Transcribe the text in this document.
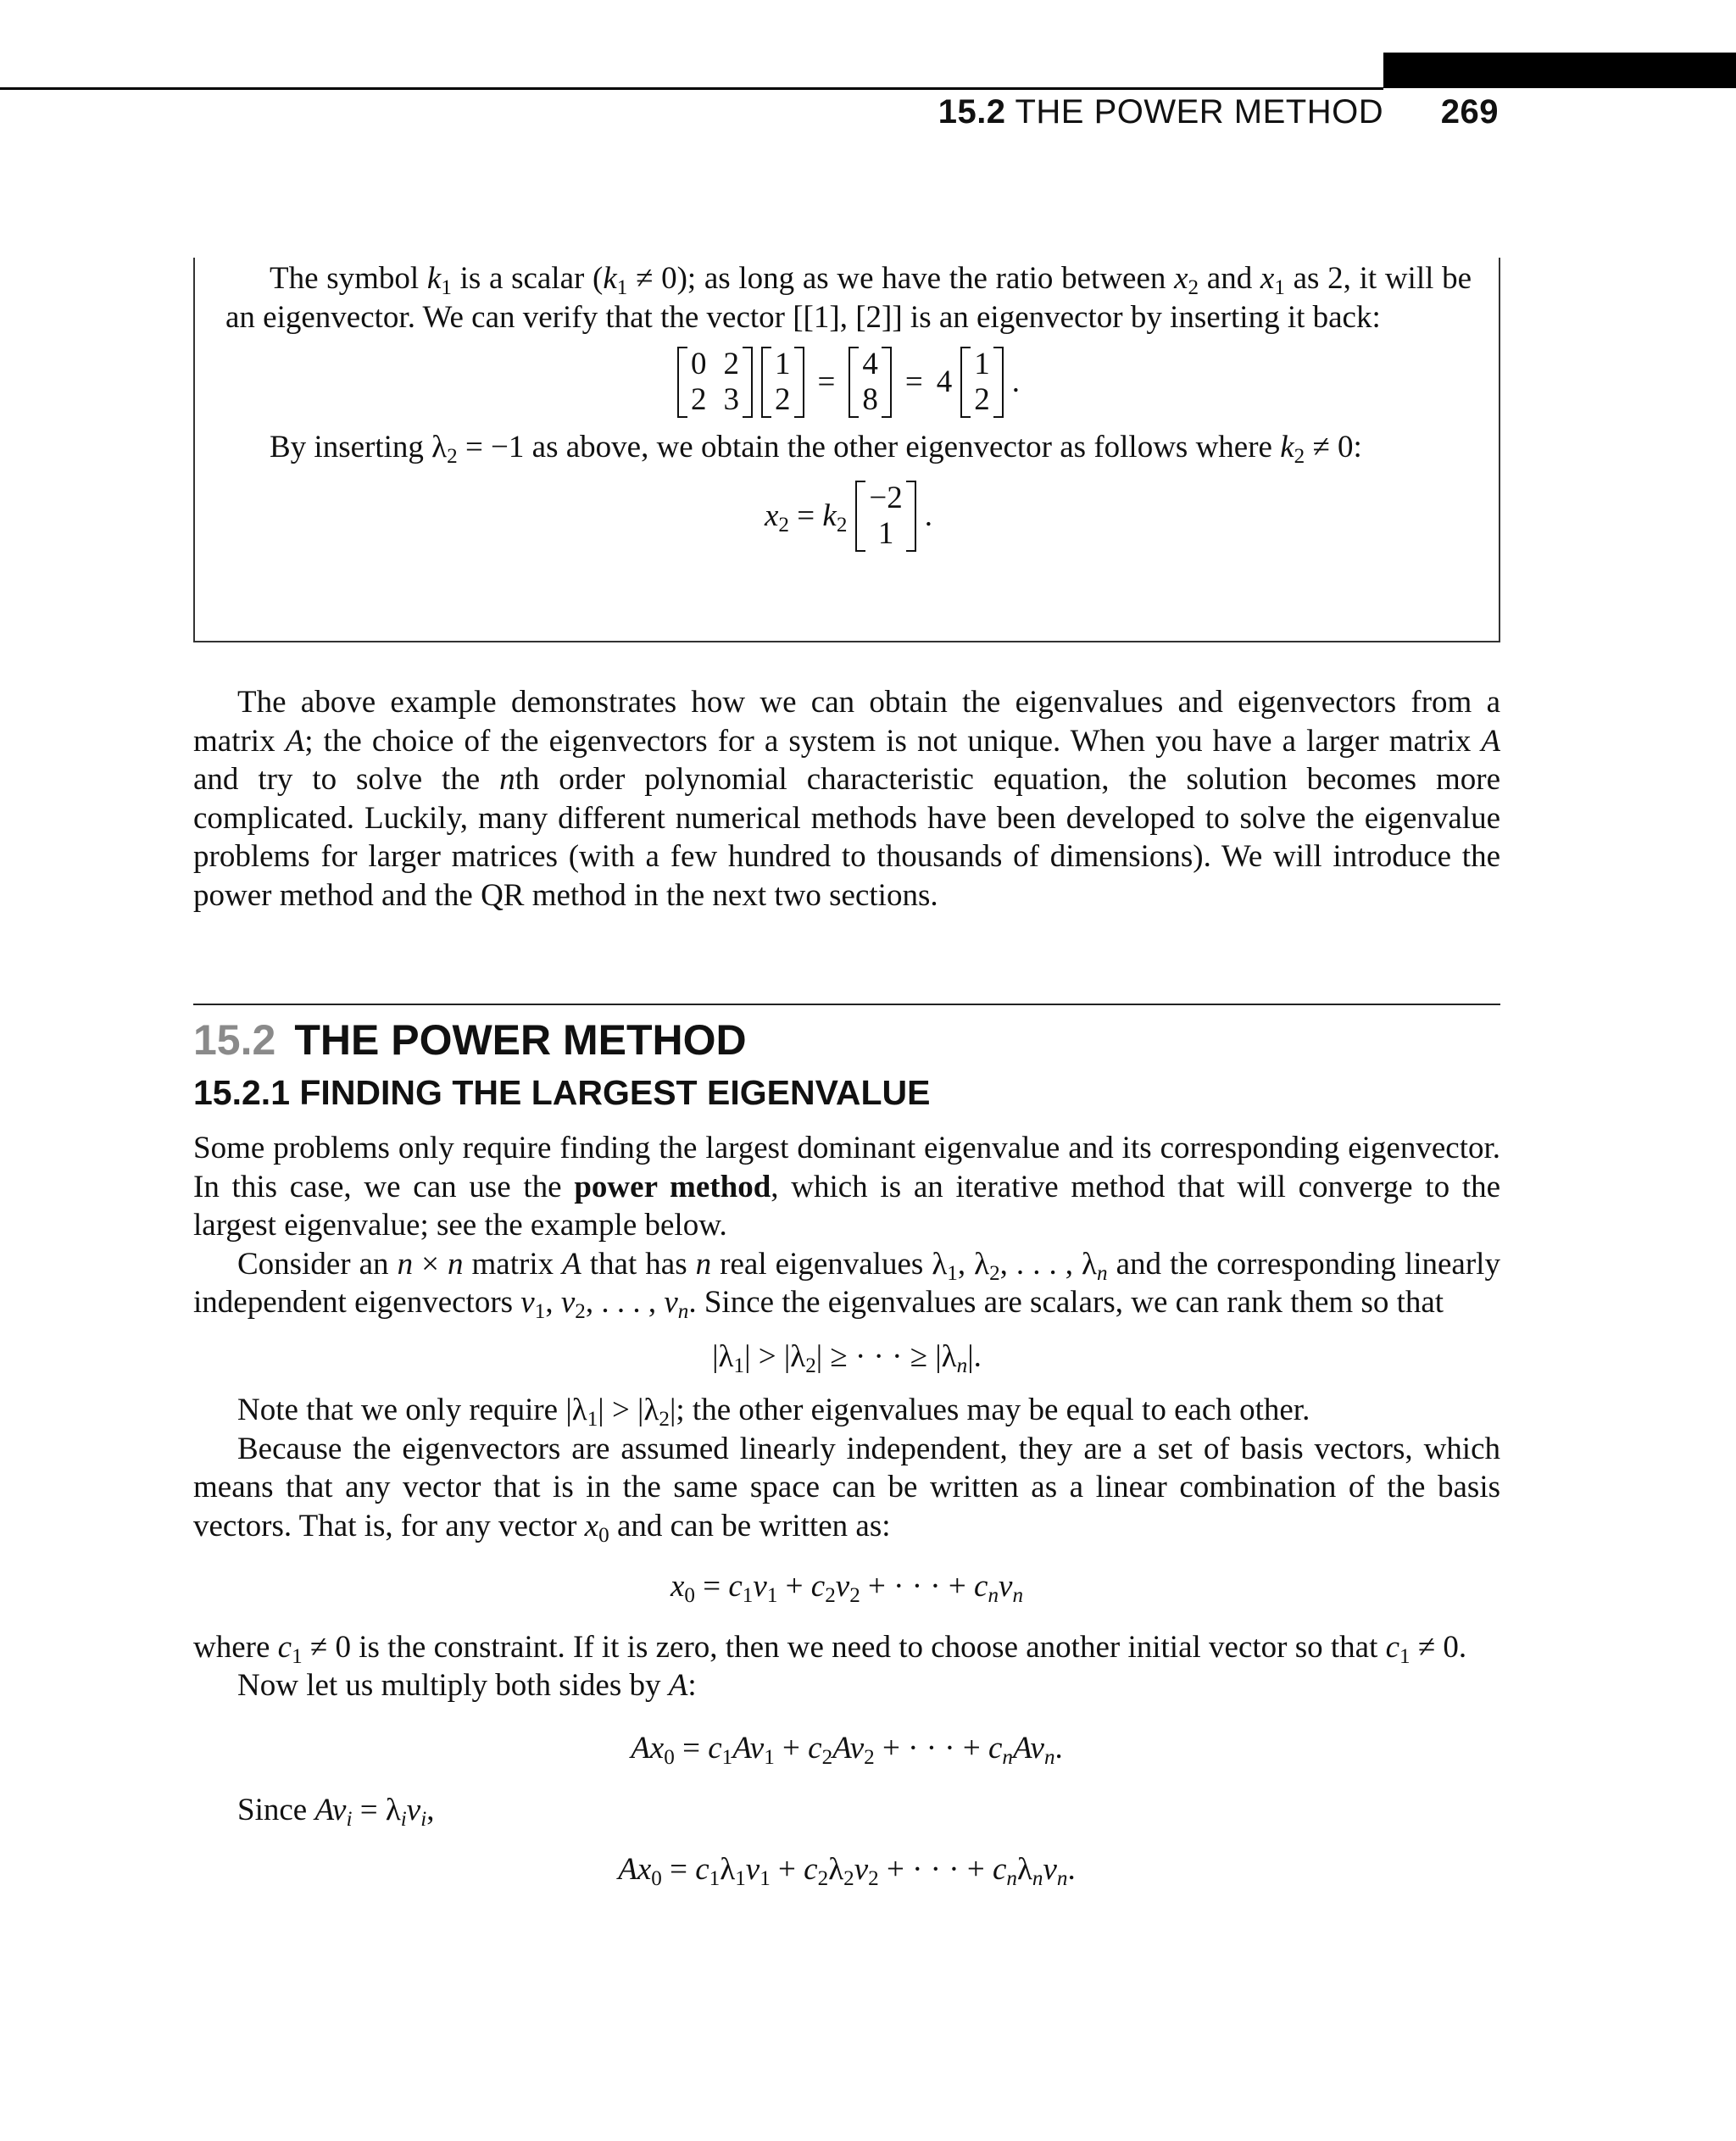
15.2 THE POWER METHOD 269

The symbol $k_1$ is a scalar $(k_1 \ne 0)$; as long as we have the ratio between $x_2$ and $x_1$ as 2, it will be an eigenvector. We can verify that the vector [[1], [2]] is an eigenvector by inserting it back:

0 2
2 3
1
2
=
4
8
= 4
1
2
.

By inserting $\lambda_2 = -1$ as above, we obtain the other eigenvector as follows where $k_2 \ne 0$:

$x_2 = k_2$
−2
1
.

The above example demonstrates how we can obtain the eigenvalues and eigenvectors from a matrix A; the choice of the eigenvectors for a system is not unique. When you have a larger matrix A and try to solve the nth order polynomial characteristic equation, the solution becomes more complicated. Luckily, many different numerical methods have been developed to solve the eigenvalue problems for larger matrices (with a few hundred to thousands of dimensions). We will introduce the power method and the QR method in the next two sections.

15.2 THE POWER METHOD
15.2.1 FINDING THE LARGEST EIGENVALUE

Some problems only require finding the largest dominant eigenvalue and its corresponding eigenvector. In this case, we can use the power method, which is an iterative method that will converge to the largest eigenvalue; see the example below.

Consider an n × n matrix A that has n real eigenvalues $\lambda_1$, $\lambda_2$, . . . , $\lambda_n$ and the corresponding linearly independent eigenvectors $v_1$, $v_2$, . . . , $v_n$. Since the eigenvalues are scalars, we can rank them so that

$|\lambda_1| > |\lambda_2|$ ≥ · · · ≥ $|\lambda_n|$.

Note that we only require $|\lambda_1| > |\lambda_2|$; the other eigenvalues may be equal to each other.

Because the eigenvectors are assumed linearly independent, they are a set of basis vectors, which means that any vector that is in the same space can be written as a linear combination of the basis vectors. That is, for any vector $x_0$ and can be written as:

$x_0 = c_1v_1 + c_2v_2$ + · · · + $c_nv_n$

where $c_1 \ne 0$ is the constraint. If it is zero, then we need to choose another initial vector so that $c_1 \ne 0$.

Now let us multiply both sides by A:

$Ax_0 = c_1Av_1 + c_2Av_2$ + · · · + $c_nAv_n$.

Since $Av_i = \lambda_iv_i$,

$Ax_0 = c_1\lambda_1v_1 + c_2\lambda_2v_2$ + · · · + $c_n\lambda_nv_n$.
